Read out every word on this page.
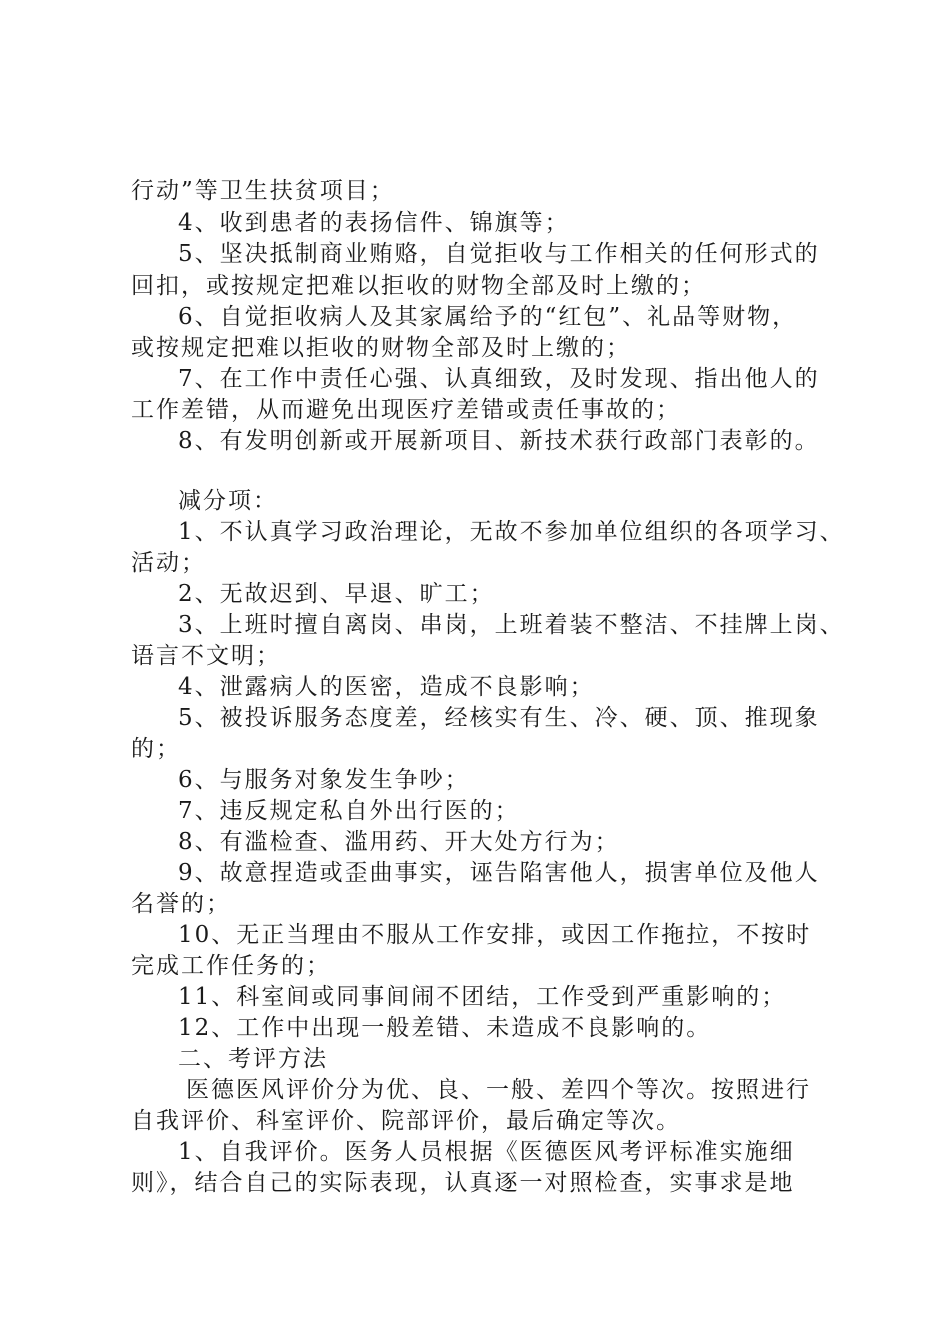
行动”等卫生扶贫项目；
4、收到患者的表扬信件、锦旗等；
5、坚决抵制商业贿赂，自觉拒收与工作相关的任何形式的
回扣，或按规定把难以拒收的财物全部及时上缴的；
6、自觉拒收病人及其家属给予的“红包”、礼品等财物，
或按规定把难以拒收的财物全部及时上缴的；
7、在工作中责任心强、认真细致，及时发现、指出他人的
工作差错，从而避免出现医疗差错或责任事故的；
8、有发明创新或开展新项目、新技术获行政部门表彰的。
减分项：
1、不认真学习政治理论，无故不参加单位组织的各项学习、
活动；
2、无故迟到、早退、旷工；
3、上班时擅自离岗、串岗，上班着装不整洁、不挂牌上岗、
语言不文明；
4、泄露病人的医密，造成不良影响；
5、被投诉服务态度差，经核实有生、冷、硬、顶、推现象
的；
6、与服务对象发生争吵；
7、违反规定私自外出行医的；
8、有滥检查、滥用药、开大处方行为；
9、故意捏造或歪曲事实，诬告陷害他人，损害单位及他人
名誉的；
10、无正当理由不服从工作安排，或因工作拖拉，不按时
完成工作任务的；
11、科室间或同事间闹不团结，工作受到严重影响的；
12、工作中出现一般差错、未造成不良影响的。
二、考评方法
医德医风评价分为优、良、一般、差四个等次。按照进行
自我评价、科室评价、院部评价，最后确定等次。
1、自我评价。医务人员根据《医德医风考评标准实施细
则》，结合自己的实际表现，认真逐一对照检查，实事求是地
